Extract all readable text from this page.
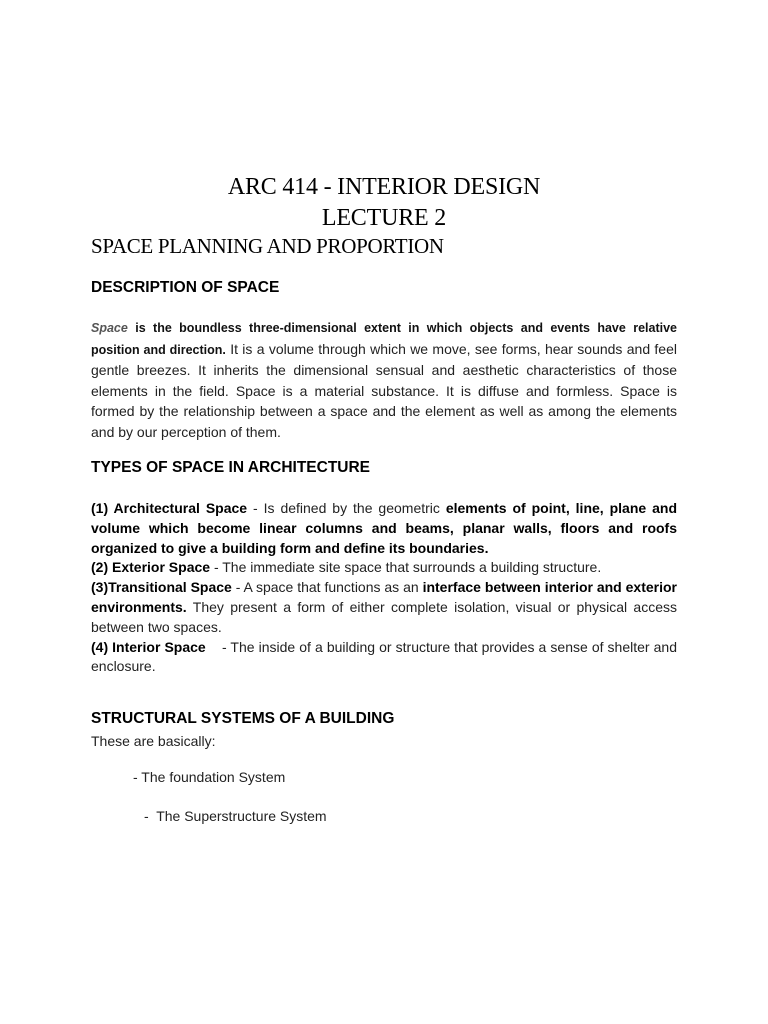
ARC 414 - INTERIOR DESIGN
LECTURE 2
SPACE PLANNING AND PROPORTION
DESCRIPTION OF SPACE
Space is the boundless three-dimensional extent in which objects and events have relative position and direction. It is a volume through which we move, see forms, hear sounds and feel gentle breezes. It inherits the dimensional sensual and aesthetic characteristics of those elements in the field. Space is a material substance. It is diffuse and formless. Space is formed by the relationship between a space and the element as well as among the elements and by our perception of them.
TYPES OF SPACE IN ARCHITECTURE

(1) Architectural Space - Is defined by the geometric elements of point, line, plane and volume which become linear columns and beams, planar walls, floors and roofs organized to give a building form and define its boundaries.

(2) Exterior Space - The immediate site space that surrounds a building structure.

(3)Transitional Space - A space that functions as an interface between interior and exterior environments. They present a form of either complete isolation, visual or physical access between two spaces.

(4) Interior Space    - The inside of a building or structure that provides a sense of shelter and enclosure.

STRUCTURAL SYSTEMS OF A BUILDING
These are basically:
- The foundation System
-  The Superstructure System
